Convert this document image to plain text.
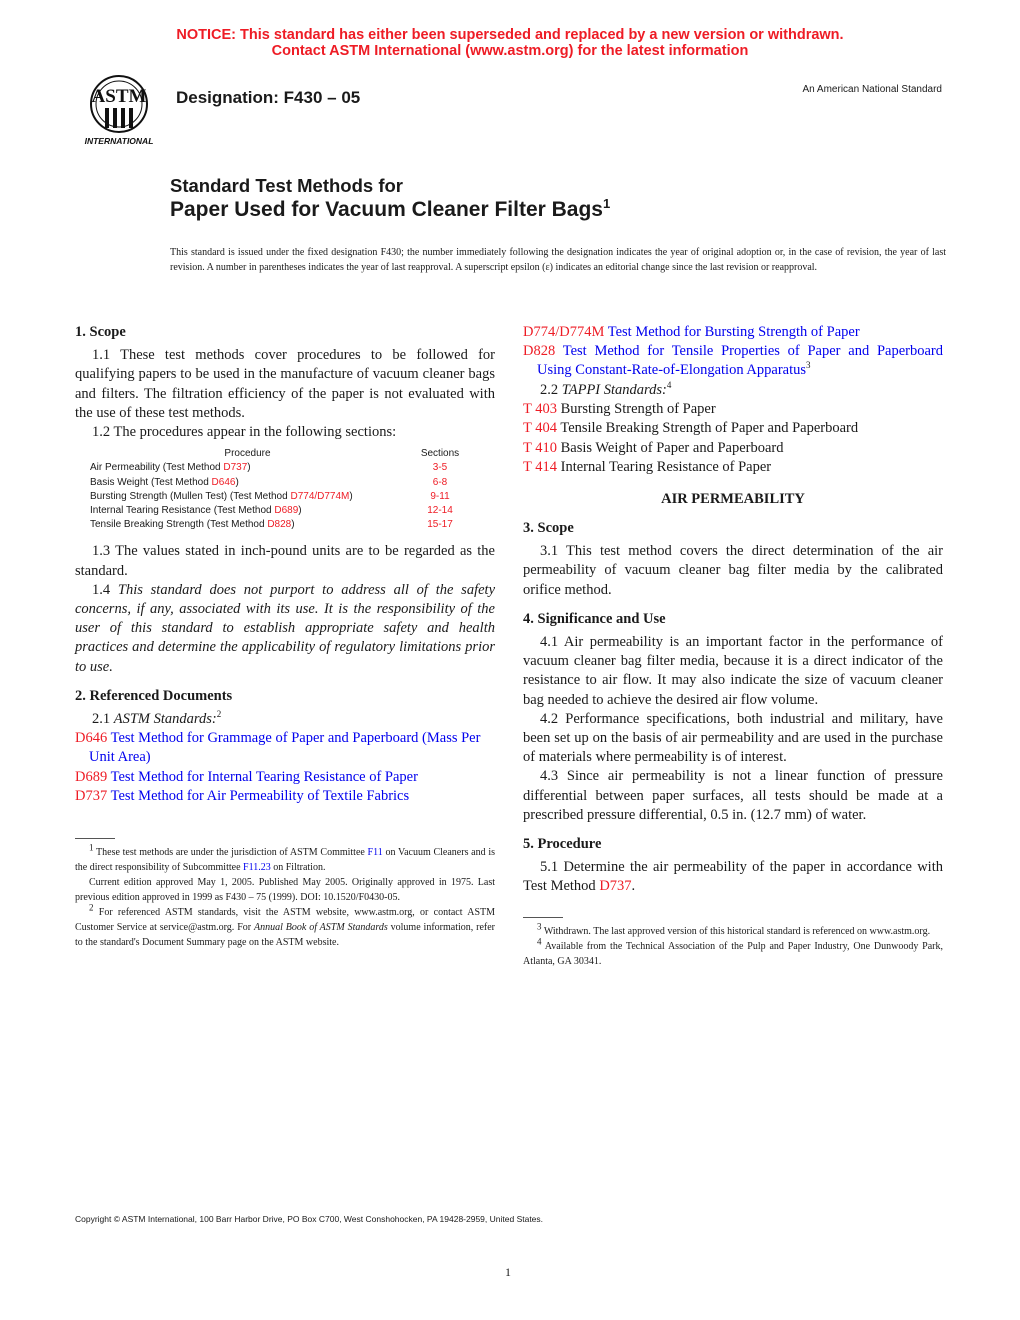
NOTICE: This standard has either been superseded and replaced by a new version or withdrawn.
Contact ASTM International (www.astm.org) for the latest information
ASTM
INTERNATIONAL
Designation: F430 – 05	An American National Standard
Standard Test Methods for
Paper Used for Vacuum Cleaner Filter Bags$^1$
This standard is issued under the fixed designation F430; the number immediately following the designation indicates the year of original adoption or, in the case of revision, the year of last revision. A number in parentheses indicates the year of last reapproval. A superscript epsilon (ε) indicates an editorial change since the last revision or reapproval.
1. Scope

1.1 These test methods cover procedures to be followed for qualifying papers to be used in the manufacture of vacuum cleaner bags and filters. The filtration efficiency of the paper is not evaluated with the use of these test methods.

1.2 The procedures appear in the following sections:

Procedure	Sections
Air Permeability (Test Method D737)	3-5
Basis Weight (Test Method D646)	6-8
Bursting Strength (Mullen Test) (Test Method D774/D774M)	9-11
Internal Tearing Resistance (Test Method D689)	12-14
Tensile Breaking Strength (Test Method D828)	15-17

1.3 The values stated in inch-pound units are to be regarded as the standard.

1.4 This standard does not purport to address all of the safety concerns, if any, associated with its use. It is the responsibility of the user of this standard to establish appropriate safety and health practices and determine the applicability of regulatory limitations prior to use.

2. Referenced Documents

2.1 ASTM Standards:$^2$

D646 Test Method for Grammage of Paper and Paperboard (Mass Per Unit Area)
D689 Test Method for Internal Tearing Resistance of Paper
D737 Test Method for Air Permeability of Textile Fabrics

$^1$ These test methods are under the jurisdiction of ASTM Committee F11 on Vacuum Cleaners and is the direct responsibility of Subcommittee F11.23 on Filtration.

Current edition approved May 1, 2005. Published May 2005. Originally approved in 1975. Last previous edition approved in 1999 as F430 – 75 (1999). DOI: 10.1520/F0430-05.

$^2$ For referenced ASTM standards, visit the ASTM website, www.astm.org, or contact ASTM Customer Service at service@astm.org. For Annual Book of ASTM Standards volume information, refer to the standard's Document Summary page on the ASTM website.

D774/D774M Test Method for Bursting Strength of Paper
D828 Test Method for Tensile Properties of Paper and Paperboard Using Constant-Rate-of-Elongation Apparatus$^3$

2.2 TAPPI Standards:$^4$

T 403 Bursting Strength of Paper
T 404 Tensile Breaking Strength of Paper and Paperboard
T 410 Basis Weight of Paper and Paperboard
T 414 Internal Tearing Resistance of Paper
AIR PERMEABILITY
3. Scope

3.1 This test method covers the direct determination of the air permeability of vacuum cleaner bag filter media by the calibrated orifice method.

4. Significance and Use

4.1 Air permeability is an important factor in the performance of vacuum cleaner bag filter media, because it is a direct indicator of the resistance to air flow. It may also indicate the size of vacuum cleaner bag needed to achieve the desired air flow volume.

4.2 Performance specifications, both industrial and military, have been set up on the basis of air permeability and are used in the purchase of materials where permeability is of interest.

4.3 Since air permeability is not a linear function of pressure differential between paper surfaces, all tests should be made at a prescribed pressure differential, 0.5 in. (12.7 mm) of water.

5. Procedure

5.1 Determine the air permeability of the paper in accordance with Test Method D737.

$^3$ Withdrawn. The last approved version of this historical standard is referenced on www.astm.org.

$^4$ Available from the Technical Association of the Pulp and Paper Industry, One Dunwoody Park, Atlanta, GA 30341.

Copyright © ASTM International, 100 Barr Harbor Drive, PO Box C700, West Conshohocken, PA 19428-2959, United States.
1
